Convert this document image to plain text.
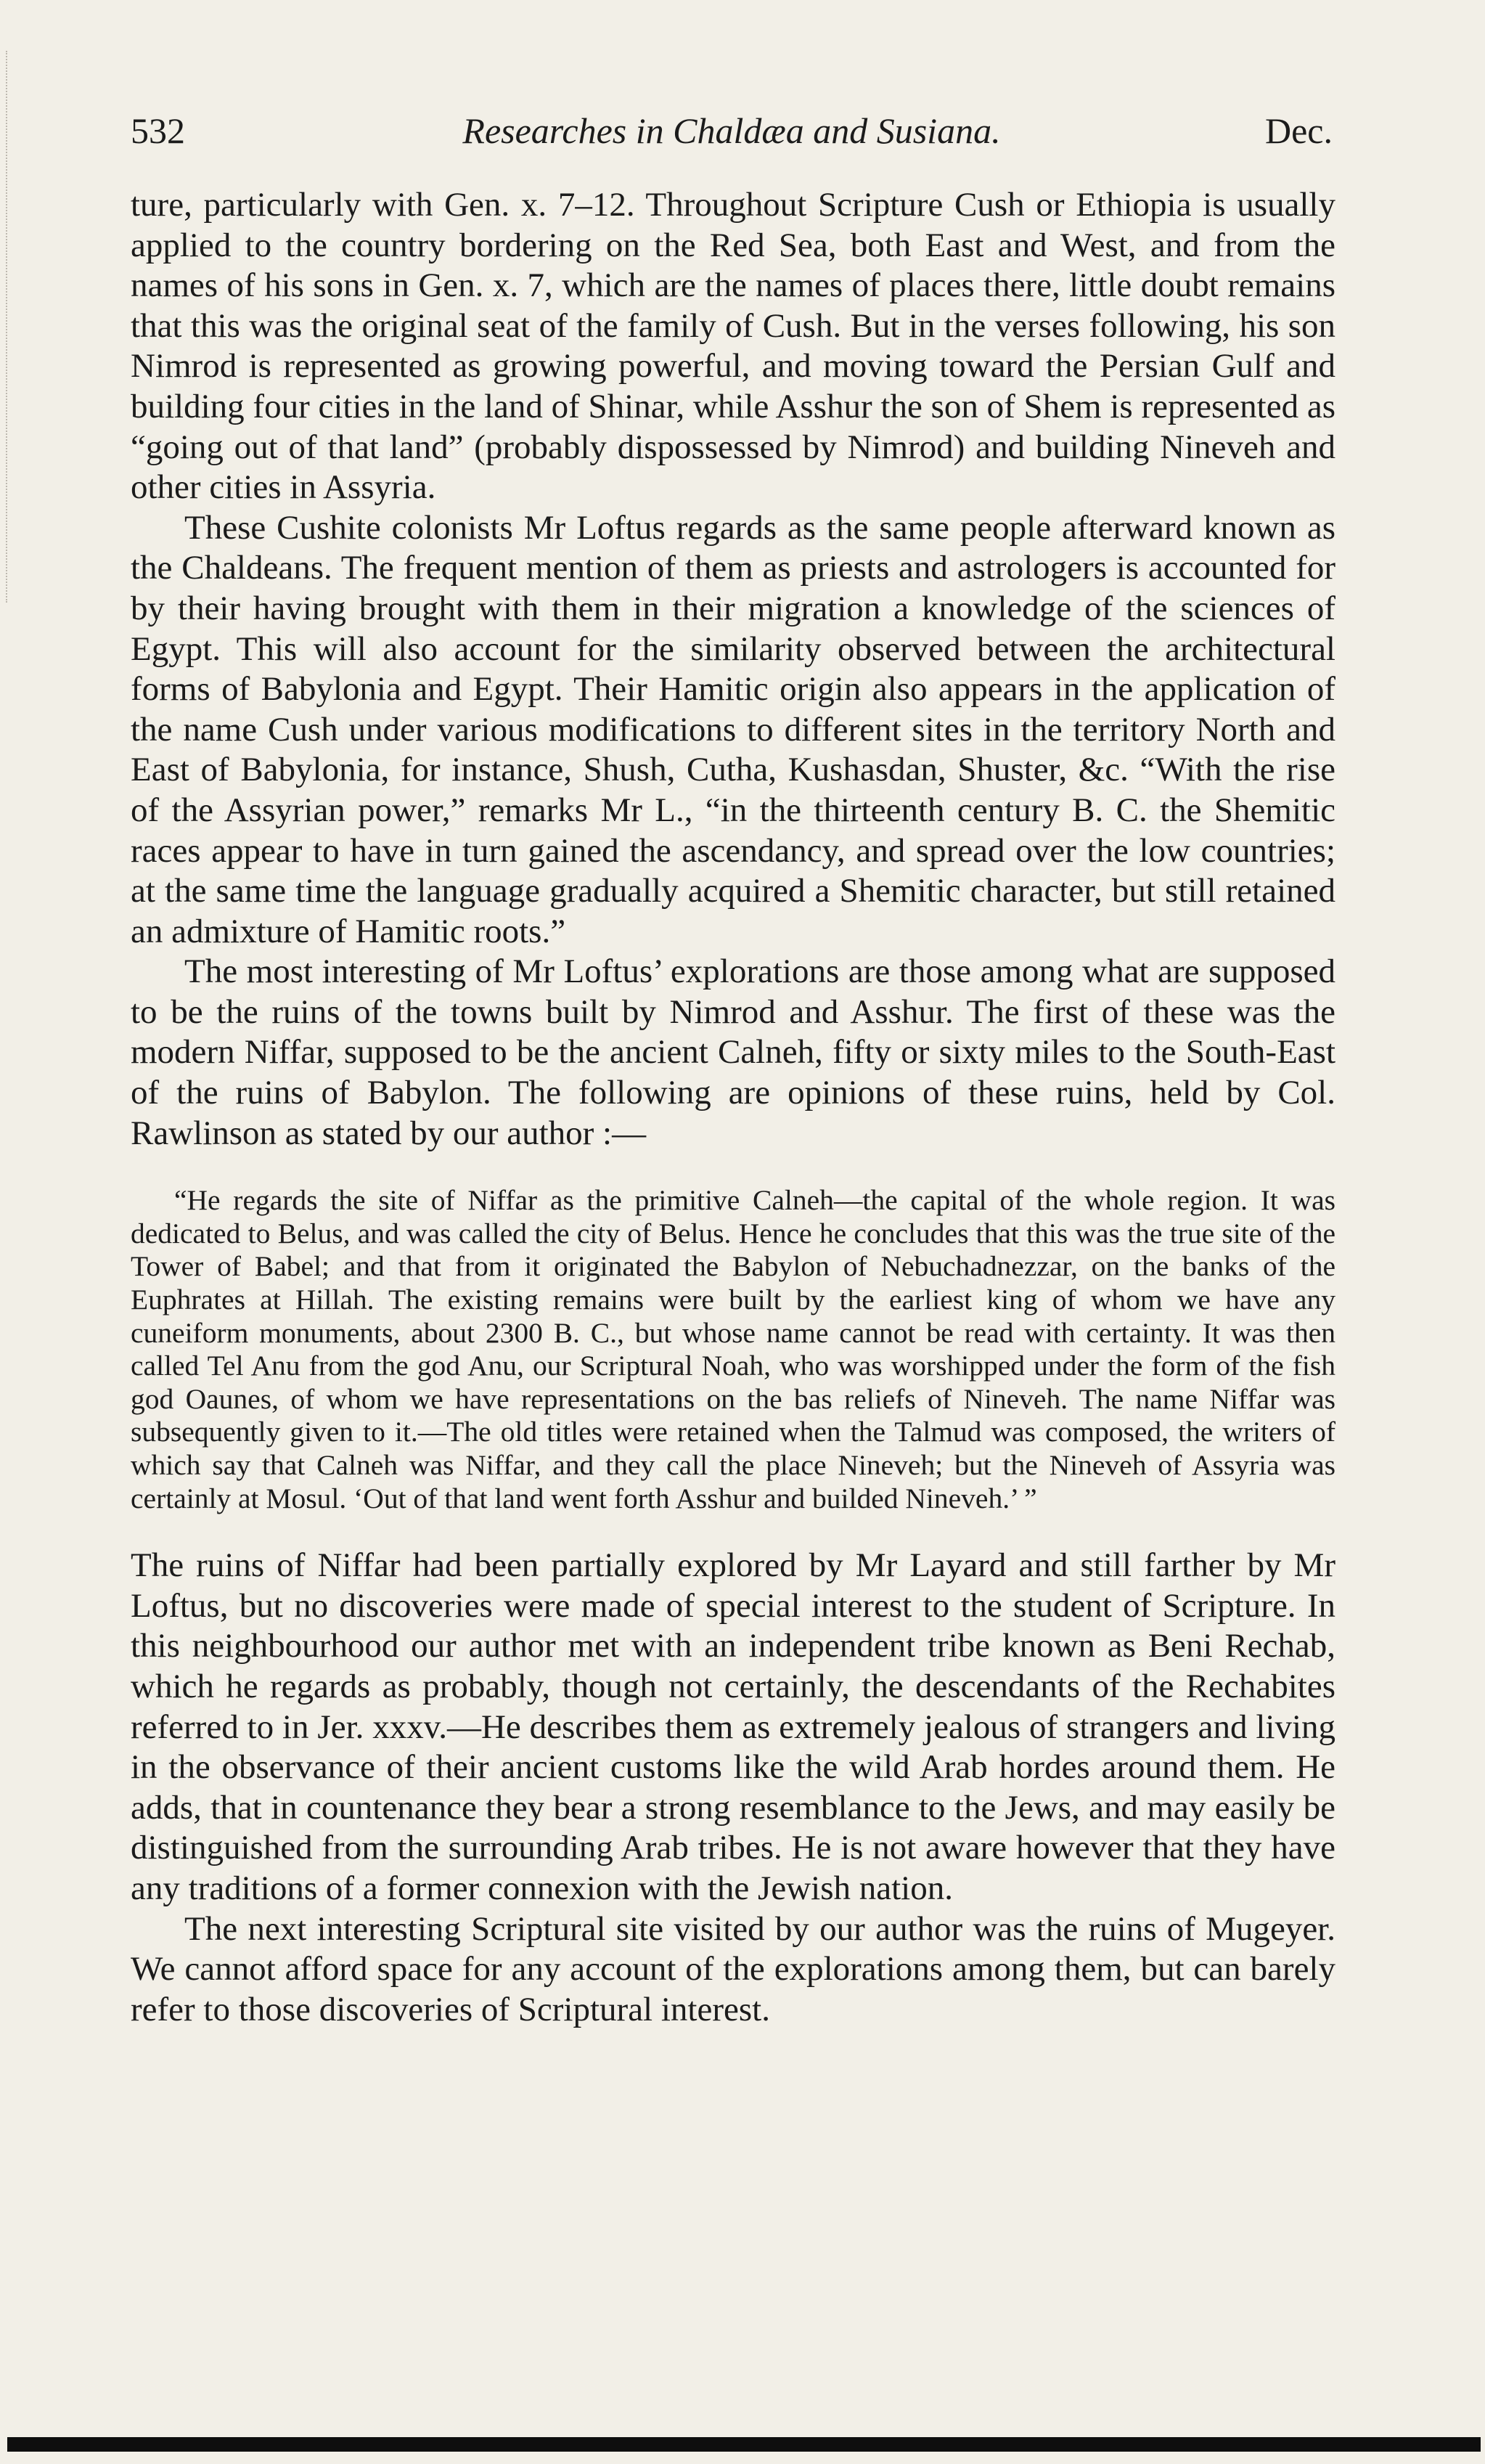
532	Researches in Chaldæa and Susiana.	Dec.

ture, particularly with Gen. x. 7–12. Throughout Scripture Cush or Ethiopia is usually applied to the country bordering on the Red Sea, both East and West, and from the names of his sons in Gen. x. 7, which are the names of places there, little doubt remains that this was the original seat of the family of Cush. But in the verses following, his son Nimrod is represented as growing powerful, and moving toward the Persian Gulf and building four cities in the land of Shinar, while Asshur the son of Shem is represented as “going out of that land” (probably dispossessed by Nimrod) and building Nineveh and other cities in Assyria.

These Cushite colonists Mr Loftus regards as the same people afterward known as the Chaldeans. The frequent mention of them as priests and astrologers is accounted for by their having brought with them in their migration a knowledge of the sciences of Egypt. This will also account for the similarity observed between the architectural forms of Babylonia and Egypt. Their Hamitic origin also appears in the application of the name Cush under various modifications to different sites in the territory North and East of Babylonia, for instance, Shush, Cutha, Kushasdan, Shuster, &c. “With the rise of the Assyrian power,” remarks Mr L., “in the thirteenth century B. C. the Shemitic races appear to have in turn gained the ascendancy, and spread over the low countries; at the same time the language gradually acquired a Shemitic character, but still retained an admixture of Hamitic roots.”

The most interesting of Mr Loftus’ explorations are those among what are supposed to be the ruins of the towns built by Nimrod and Asshur. The first of these was the modern Niffar, supposed to be the ancient Calneh, fifty or sixty miles to the South-East of the ruins of Babylon. The following are opinions of these ruins, held by Col. Rawlinson as stated by our author :—

“He regards the site of Niffar as the primitive Calneh—the capital of the whole region. It was dedicated to Belus, and was called the city of Belus. Hence he concludes that this was the true site of the Tower of Babel; and that from it originated the Babylon of Nebuchadnezzar, on the banks of the Euphrates at Hillah. The existing remains were built by the earliest king of whom we have any cuneiform monuments, about 2300 B. C., but whose name cannot be read with certainty. It was then called Tel Anu from the god Anu, our Scriptural Noah, who was worshipped under the form of the fish god Oaunes, of whom we have representations on the bas reliefs of Nineveh. The name Niffar was subsequently given to it.—The old titles were retained when the Talmud was composed, the writers of which say that Calneh was Niffar, and they call the place Nineveh; but the Nineveh of Assyria was certainly at Mosul. ‘Out of that land went forth Asshur and builded Nineveh.’ ”

The ruins of Niffar had been partially explored by Mr Layard and still farther by Mr Loftus, but no discoveries were made of special interest to the student of Scripture. In this neighbourhood our author met with an independent tribe known as Beni Rechab, which he regards as probably, though not certainly, the descendants of the Rechabites referred to in Jer. xxxv.—He describes them as extremely jealous of strangers and living in the observance of their ancient customs like the wild Arab hordes around them. He adds, that in countenance they bear a strong resemblance to the Jews, and may easily be distinguished from the surrounding Arab tribes. He is not aware however that they have any traditions of a former connexion with the Jewish nation.

The next interesting Scriptural site visited by our author was the ruins of Mugeyer. We cannot afford space for any account of the explorations among them, but can barely refer to those discoveries of Scriptural interest.
